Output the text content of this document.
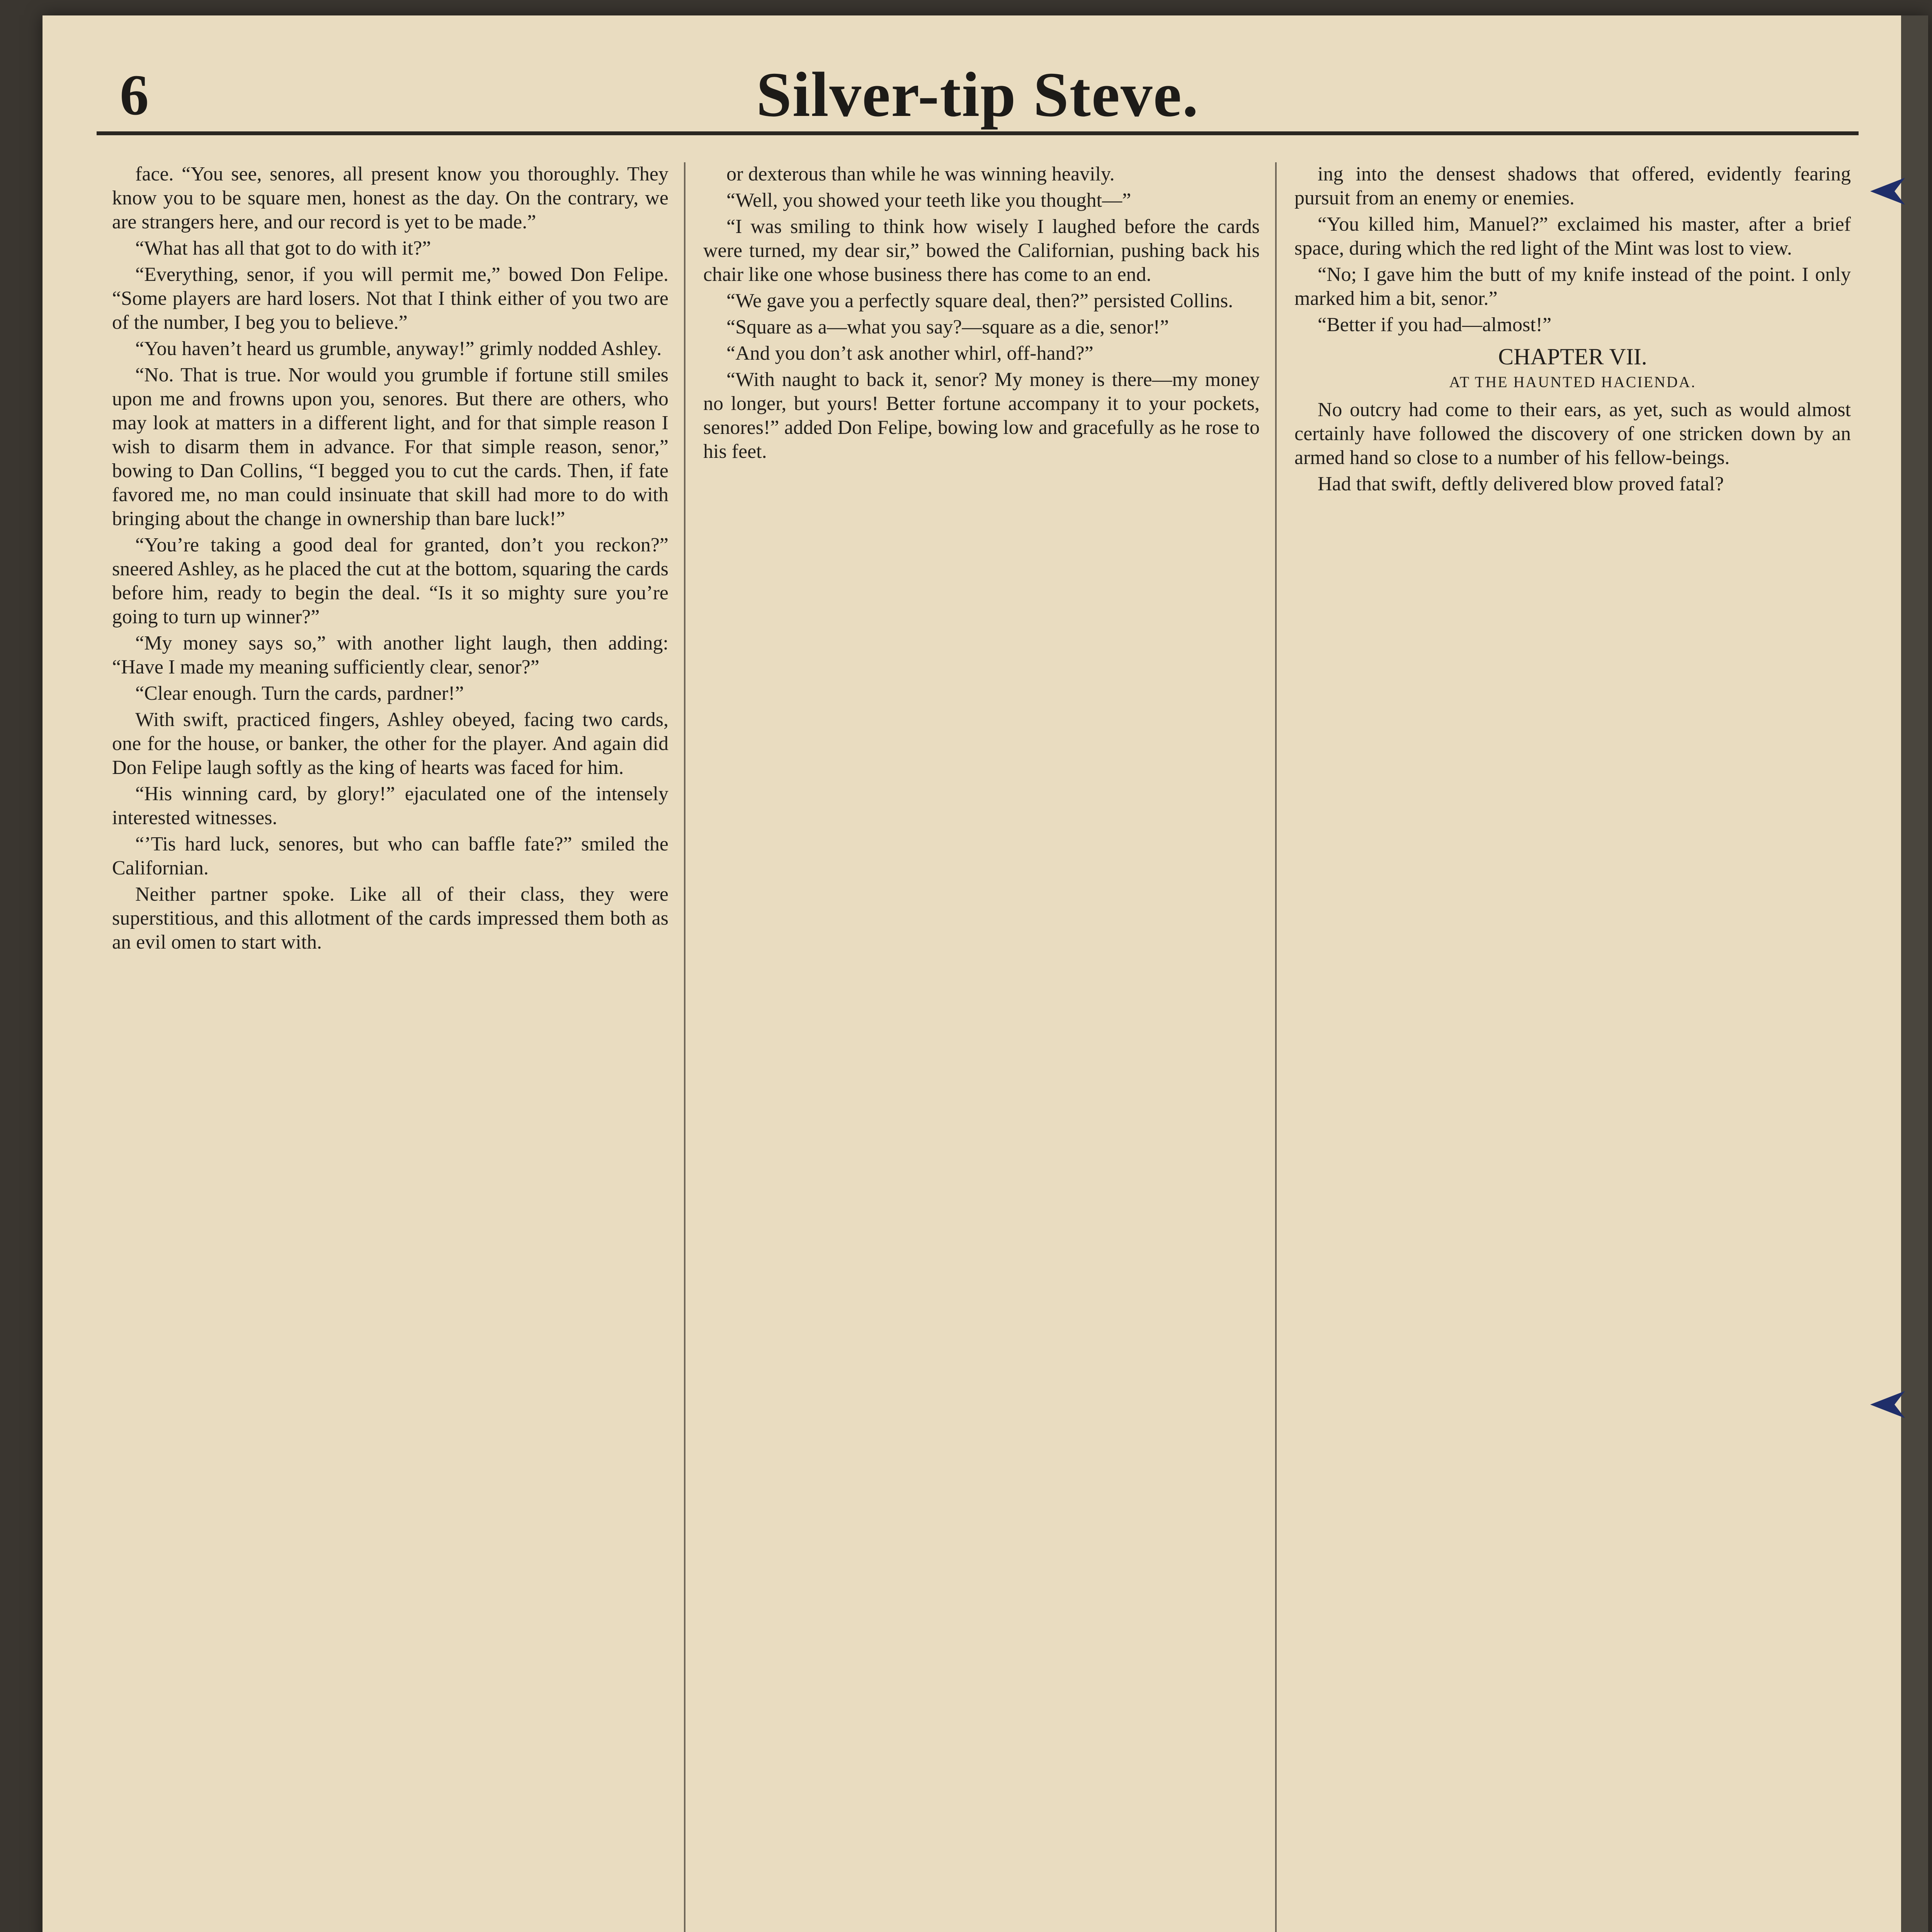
6	Silver-tip Steve.

face. “You see, senores, all present know you thoroughly. They know you to be square men, honest as the day. On the contrary, we are strangers here, and our record is yet to be made.”

“What has all that got to do with it?”

“Everything, senor, if you will permit me,” bowed Don Felipe. “Some players are hard losers. Not that I think either of you two are of the number, I beg you to believe.”

“You haven’t heard us grumble, anyway!” grimly nodded Ashley.

“No. That is true. Nor would you grumble if fortune still smiles upon me and frowns upon you, senores. But there are others, who may look at matters in a different light, and for that simple reason I wish to disarm them in advance. For that simple reason, senor,” bowing to Dan Collins, “I begged you to cut the cards. Then, if fate favored me, no man could insinuate that skill had more to do with bringing about the change in ownership than bare luck!”

“You’re taking a good deal for granted, don’t you reckon?” sneered Ashley, as he placed the cut at the bottom, squaring the cards before him, ready to begin the deal. “Is it so mighty sure you’re going to turn up winner?”

“My money says so,” with another light laugh, then adding: “Have I made my meaning sufficiently clear, senor?”

“Clear enough. Turn the cards, pardner!”

With swift, practiced fingers, Ashley obeyed, facing two cards, one for the house, or banker, the other for the player. And again did Don Felipe laugh softly as the king of hearts was faced for him.

“His winning card, by glory!” ejaculated one of the intensely interested witnesses.

“’Tis hard luck, senores, but who can baffle fate?” smiled the Californian.

Neither partner spoke. Like all of their class, they were superstitious, and this allotment of the cards impressed them both as an evil omen to start with.

or dexterous than while he was winning heavily.

“Well, you showed your teeth like you thought—”

“I was smiling to think how wisely I laughed before the cards were turned, my dear sir,” bowed the Californian, pushing back his chair like one whose business there has come to an end.

“We gave you a perfectly square deal, then?” persisted Collins.

“Square as a—what you say?—square as a die, senor!”

“And you don’t ask another whirl, off-hand?”

“With naught to back it, senor? My money is there—my money no longer, but yours! Better fortune accompany it to your pockets, senores!” added Don Felipe, bowing low and gracefully as he rose to his feet.

ing into the densest shadows that offered, evidently fearing pursuit from an enemy or enemies.

“You killed him, Manuel?” exclaimed his master, after a brief space, during which the red light of the Mint was lost to view.

“No; I gave him the butt of my knife instead of the point. I only marked him a bit, senor.”

“Better if you had—almost!”

CHAPTER VII.
AT THE HAUNTED HACIENDA.

No outcry had come to their ears, as yet, such as would almost certainly have followed the discovery of one stricken down by an armed hand so close to a number of his fellow-beings.

Had that swift, deftly delivered blow proved fatal?
